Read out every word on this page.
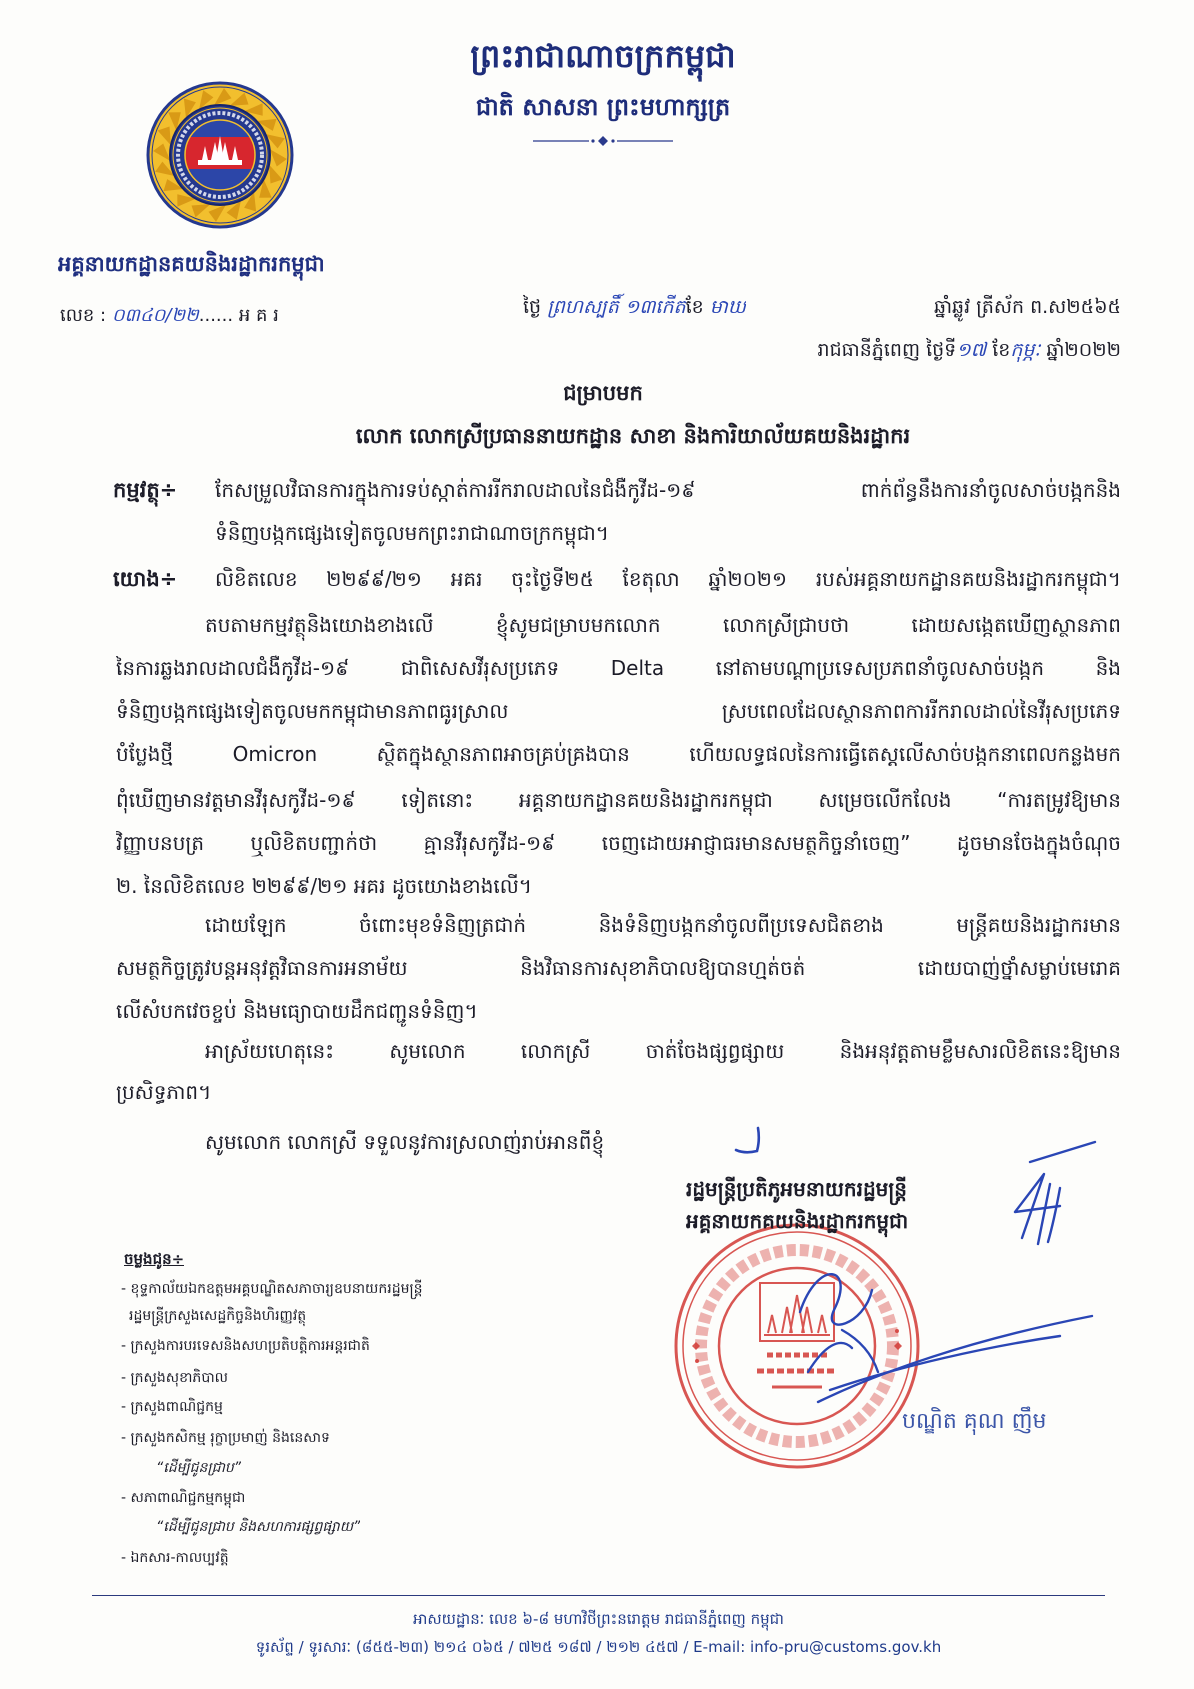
ព្រះរាជាណាចក្រកម្ពុជា
ជាតិ សាសនា ព្រះមហាក្សត្រ
អគ្គនាយកដ្ឋានគយនិងរដ្ឋាករកម្ពុជា
លេខ : ០៣៤០/២២...... អ គ រ	ថ្ងៃ ព្រហស្បតិ៍ ១៣កើតខែ មាឃ	ឆ្នាំឆ្លូវ ត្រីស័ក ព.ស២៥៦៥
រាជធានីភ្នំពេញ ថ្ងៃទី១៧ ខែកុម្ភៈ ឆ្នាំ២០២២
ជម្រាបមក
លោក លោកស្រីប្រធាននាយកដ្ឋាន សាខា និងការិយាល័យគយនិងរដ្ឋាករ
កម្មវត្ថុ÷ កែសម្រួលវិធានការក្នុងការទប់ស្កាត់ការរីករាលដាលនៃជំងឺកូវីដ-១៩ ពាក់ព័ន្ធនឹងការនាំចូលសាច់បង្កកនិង
ទំនិញបង្កកផ្សេងទៀតចូលមកព្រះរាជាណាចក្រកម្ពុជា។
យោង÷ លិខិតលេខ ២២៩៩/២១ អគរ ចុះថ្ងៃទី២៥ ខែតុលា ឆ្នាំ២០២១ របស់អគ្គនាយកដ្ឋានគយនិងរដ្ឋាករកម្ពុជា។
តបតាមកម្មវត្ថុនិងយោងខាងលើ ខ្ញុំសូមជម្រាបមកលោក លោកស្រីជ្រាបថា ដោយសង្កេតឃើញស្ថានភាព
នៃការឆ្លងរាលដាលជំងឺកូវីដ-១៩ ជាពិសេសវីរុសប្រភេទ Delta នៅតាមបណ្តាប្រទេសប្រភពនាំចូលសាច់បង្កក និង
ទំនិញបង្កកផ្សេងទៀតចូលមកកម្ពុជាមានភាពធូរស្រាល ស្របពេលដែលស្ថានភាពការរីករាលដាល់នៃវីរុសប្រភេទ
បំប្លែងថ្មី Omicron ស្ថិតក្នុងស្ថានភាពអាចគ្រប់គ្រងបាន ហើយលទ្ធផលនៃការធ្វើតេស្តលើសាច់បង្កកនាពេលកន្លងមក
ពុំឃើញមានវត្តមានវីរុសកូវីដ-១៩ ទៀតនោះ អគ្គនាយកដ្ឋានគយនិងរដ្ឋាករកម្ពុជា សម្រេចលើកលែង “ការតម្រូវឱ្យមាន
វិញ្ញាបនបត្រ ឬលិខិតបញ្ជាក់ថា គ្មានវីរុសកូវីដ-១៩ ចេញដោយអាជ្ញាធរមានសមត្ថកិច្ចនាំចេញ” ដូចមានចែងក្នុងចំណុច
២. នៃលិខិតលេខ ២២៩៩/២១ អគរ ដូចយោងខាងលើ។
ដោយឡែក ចំពោះមុខទំនិញត្រជាក់ និងទំនិញបង្កកនាំចូលពីប្រទេសជិតខាង មន្ត្រីគយនិងរដ្ឋាករមាន
សមត្ថកិច្ចត្រូវបន្តអនុវត្តវិធានការអនាម័យ និងវិធានការសុខាភិបាលឱ្យបានហ្មត់ចត់ ដោយបាញ់ថ្នាំសម្លាប់មេរោគ
លើសំបកវេចខ្ចប់ និងមធ្យោបាយដឹកជញ្ជូនទំនិញ។
អាស្រ័យហេតុនេះ សូមលោក លោកស្រី ចាត់ចែងផ្សព្វផ្សាយ និងអនុវត្តតាមខ្លឹមសារលិខិតនេះឱ្យមាន
ប្រសិទ្ធភាព។
សូមលោក លោកស្រី ទទួលនូវការស្រលាញ់រាប់អានពីខ្ញុំ
រដ្ឋមន្ត្រីប្រតិភូអមនាយករដ្ឋមន្ត្រី
អគ្គនាយកគយនិងរដ្ឋាករកម្ពុជា
បណ្ឌិត គុណ ញឹម
ចម្លងជូន÷
- ខុទ្ទកាល័យឯកឧត្តមអគ្គបណ្ឌិតសភាចារ្យឧបនាយករដ្ឋមន្ត្រី
រដ្ឋមន្ត្រីក្រសួងសេដ្ឋកិច្ចនិងហិរញ្ញវត្ថុ
- ក្រសួងការបរទេសនិងសហប្រតិបត្តិការអន្តរជាតិ
- ក្រសួងសុខាភិបាល
- ក្រសួងពាណិជ្ជកម្ម
- ក្រសួងកសិកម្ម រុក្ខាប្រមាញ់ និងនេសាទ
“ដើម្បីជូនជ្រាប”
- សភាពាណិជ្ជកម្មកម្ពុជា
“ដើម្បីជូនជ្រាប និងសហការផ្សព្វផ្សាយ”
- ឯកសារ-កាលប្បវត្តិ
អាសយដ្ឋានៈ លេខ ៦-៨ មហាវិថីព្រះនរោត្តម រាជធានីភ្នំពេញ កម្ពុជា
ទូរស័ព្ទ / ទូរសារៈ (៨៥៥-២៣) ២១៤ ០៦៥ / ៧២៥ ១៨៧ / ២១២ ៤៥៧ / E-mail: info-pru@customs.gov.kh
